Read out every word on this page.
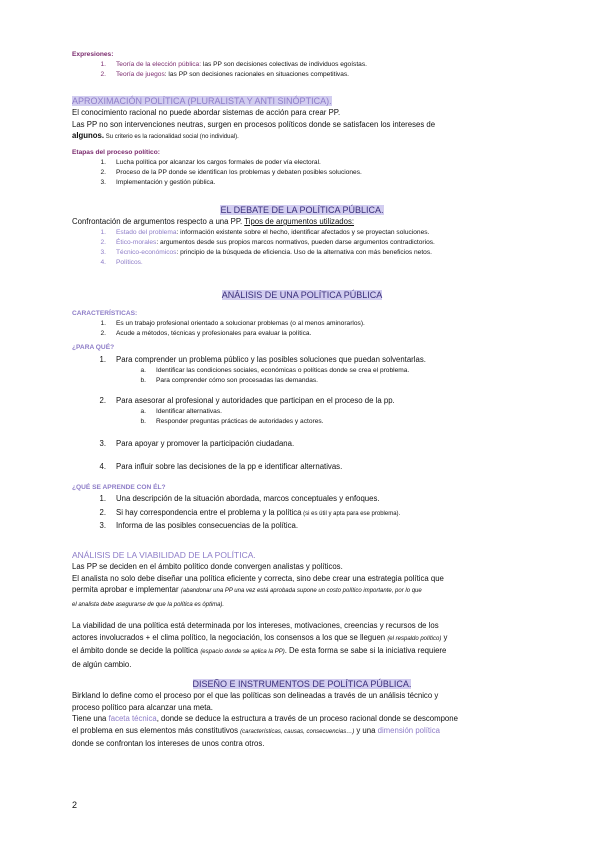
Expresiones:
1. Teoría de la elección pública: las PP son decisiones colectivas de individuos egoístas.
2. Teoría de juegos: las PP son decisiones racionales en situaciones competitivas.
APROXIMACIÓN POLÍTICA (PLURALISTA Y ANTI SINÓPTICA).
El conocimiento racional no puede abordar sistemas de acción para crear PP.
Las PP no son intervenciones neutras, surgen en procesos políticos donde se satisfacen los intereses de
algunos. Su criterio es la racionalidad social (no individual).
Etapas del proceso político:
1. Lucha política por alcanzar los cargos formales de poder vía electoral.
2. Proceso de la PP donde se identifican los problemas y debaten posibles soluciones.
3. Implementación y gestión pública.
EL DEBATE DE LA POLÍTICA PÚBLICA.
Confrontación de argumentos respecto a una PP. Tipos de argumentos utilizados:
1. Estado del problema: información existente sobre el hecho, identificar afectados y se proyectan soluciones.
2. Ético-morales: argumentos desde sus propios marcos normativos, pueden darse argumentos contradictorios.
3. Técnico-económicos: principio de la búsqueda de eficiencia. Uso de la alternativa con más beneficios netos.
4. Políticos.
ANÁLISIS DE UNA POLÍTICA PÚBLICA
CARACTERÍSTICAS:
1. Es un trabajo profesional orientado a solucionar problemas (o al menos aminorarlos).
2. Acude a métodos, técnicas y profesionales para evaluar la política.
¿PARA QUÉ?
1. Para comprender un problema público y las posibles soluciones que puedan solventarlas.
a. Identificar las condiciones sociales, económicas o políticas donde se crea el problema.
b. Para comprender cómo son procesadas las demandas.
2. Para asesorar al profesional y autoridades que participan en el proceso de la pp.
a. Identificar alternativas.
b. Responder preguntas prácticas de autoridades y actores.
3. Para apoyar y promover la participación ciudadana.
4. Para influir sobre las decisiones de la pp e identificar alternativas.
¿QUÉ SE APRENDE CON ÉL?
1. Una descripción de la situación abordada, marcos conceptuales y enfoques.
2. Si hay correspondencia entre el problema y la política (si es útil y apta para ese problema).
3. Informa de las posibles consecuencias de la política.
ANÁLISIS DE LA VIABILIDAD DE LA POLÍTICA.
Las PP se deciden en el ámbito político donde convergen analistas y políticos.
El analista no solo debe diseñar una política eficiente y correcta, sino debe crear una estrategia política que
permita aprobar e implementar (abandonar una PP una vez está aprobada supone un costo político importante, por lo que
el analista debe asegurarse de que la política es óptima).
La viabilidad de una política está determinada por los intereses, motivaciones, creencias y recursos de los
actores involucrados + el clima político, la negociación, los consensos a los que se lleguen (el respaldo político) y
el ámbito donde se decide la política (espacio donde se aplica la PP). De esta forma se sabe si la iniciativa requiere
de algún cambio.
DISEÑO E INSTRUMENTOS DE POLÍTICA PÚBLICA.
Birkland lo define como el proceso por el que las políticas son delineadas a través de un análisis técnico y
proceso político para alcanzar una meta.
Tiene una faceta técnica, donde se deduce la estructura a través de un proceso racional donde se descompone
el problema en sus elementos más constitutivos (características, causas, consecuencias…) y una dimensión política
donde se confrontan los intereses de unos contra otros.
2
